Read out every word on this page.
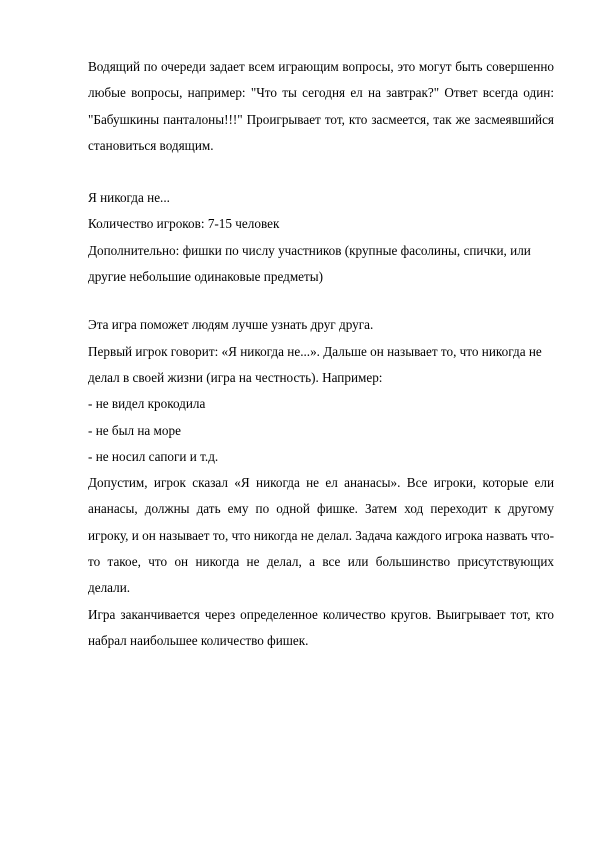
Водящий по очереди задает всем играющим вопросы, это могут быть совершенно любые вопросы, например: "Что ты сегодня ел на завтрак?" Ответ всегда один: "Бабушкины панталоны!!!" Проигрывает тот, кто засмеется, так же засмеявшийся становиться водящим.

Я никогда не...

Количество игроков: 7-15 человек

Дополнительно: фишки по числу участников (крупные фасолины, спички, или другие небольшие одинаковые предметы)

Эта игра поможет людям лучше узнать друг друга.

Первый игрок говорит: «Я никогда не...». Дальше он называет то, что никогда не делал в своей жизни (игра на честность). Например:

- не видел крокодила

- не был на море

- не носил сапоги и т.д.

Допустим, игрок сказал «Я никогда не ел ананасы». Все игроки, которые ели ананасы, должны дать ему по одной фишке. Затем ход переходит к другому игроку, и он называет то, что никогда не делал. Задача каждого игрока назвать что-то такое, что он никогда не делал, а все или большинство присутствующих делали.

Игра заканчивается через определенное количество кругов. Выигрывает тот, кто набрал наибольшее количество фишек.
